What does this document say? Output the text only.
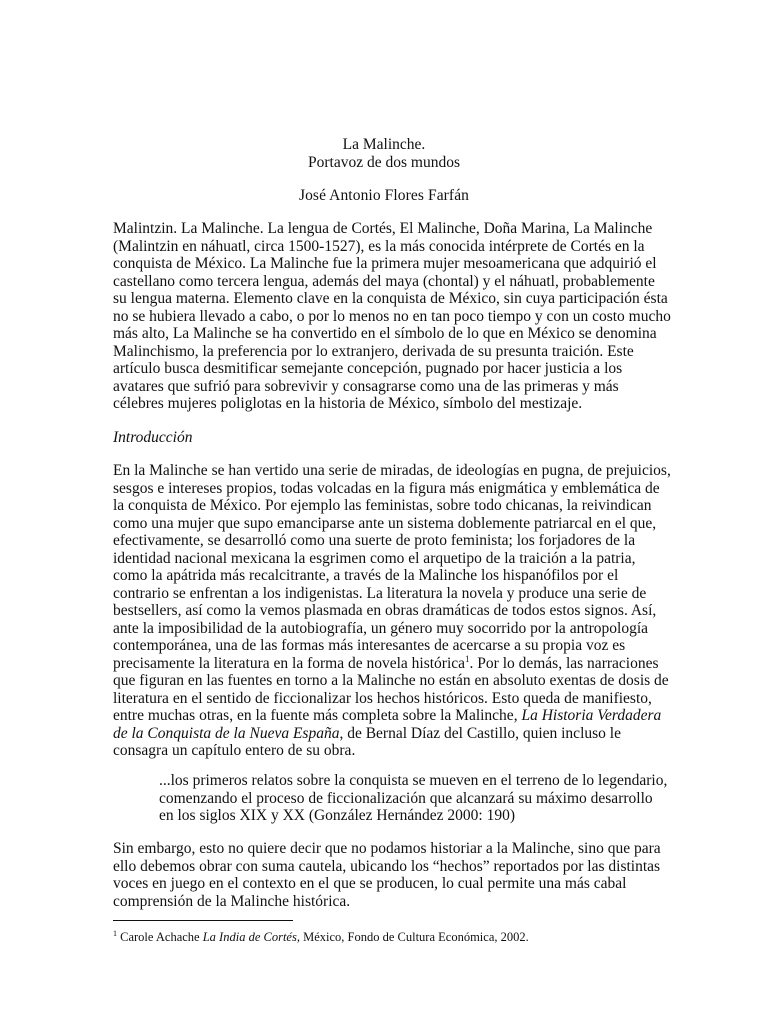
La Malinche.
Portavoz de dos mundos
José Antonio Flores Farfán

Malintzin. La Malinche. La lengua de Cortés, El Malinche, Doña Marina, La Malinche
(Malintzin en náhuatl, circa 1500-1527), es la más conocida intérprete de Cortés en la
conquista de México. La Malinche fue la primera mujer mesoamericana que adquirió el
castellano como tercera lengua, además del maya (chontal) y el náhuatl, probablemente
su lengua materna. Elemento clave en la conquista de México, sin cuya participación ésta
no se hubiera llevado a cabo, o por lo menos no en tan poco tiempo y con un costo mucho
más alto, La Malinche se ha convertido en el símbolo de lo que en México se denomina
Malinchismo, la preferencia por lo extranjero, derivada de su presunta traición. Este
artículo busca desmitificar semejante concepción, pugnado por hacer justicia a los
avatares que sufrió para sobrevivir y consagrarse como una de las primeras y más
célebres mujeres poliglotas en la historia de México, símbolo del mestizaje.

Introducción

En la Malinche se han vertido una serie de miradas, de ideologías en pugna, de prejuicios,
sesgos e intereses propios, todas volcadas en la figura más enigmática y emblemática de
la conquista de México. Por ejemplo las feministas, sobre todo chicanas, la reivindican
como una mujer que supo emanciparse ante un sistema doblemente patriarcal en el que,
efectivamente, se desarrolló como una suerte de proto feminista; los forjadores de la
identidad nacional mexicana la esgrimen como el arquetipo de la traición a la patria,
como la apátrida más recalcitrante, a través de la Malinche los hispanófilos por el
contrario se enfrentan a los indigenistas. La literatura la novela y produce una serie de
bestsellers, así como la vemos plasmada en obras dramáticas de todos estos signos. Así,
ante la imposibilidad de la autobiografía, un género muy socorrido por la antropología
contemporánea, una de las formas más interesantes de acercarse a su propia voz es
precisamente la literatura en la forma de novela histórica$^1$. Por lo demás, las narraciones
que figuran en las fuentes en torno a la Malinche no están en absoluto exentas de dosis de
literatura en el sentido de ficcionalizar los hechos históricos. Esto queda de manifiesto,
entre muchas otras, en la fuente más completa sobre la Malinche, La Historia Verdadera
de la Conquista de la Nueva España, de Bernal Díaz del Castillo, quien incluso le
consagra un capítulo entero de su obra.

...los primeros relatos sobre la conquista se mueven en el terreno de lo legendario,
comenzando el proceso de ficcionalización que alcanzará su máximo desarrollo
en los siglos XIX y XX (González Hernández 2000: 190)

Sin embargo, esto no quiere decir que no podamos historiar a la Malinche, sino que para
ello debemos obrar con suma cautela, ubicando los “hechos” reportados por las distintas
voces en juego en el contexto en el que se producen, lo cual permite una más cabal
comprensión de la Malinche histórica.

$^1$ Carole Achache La India de Cortés, México, Fondo de Cultura Económica, 2002.
